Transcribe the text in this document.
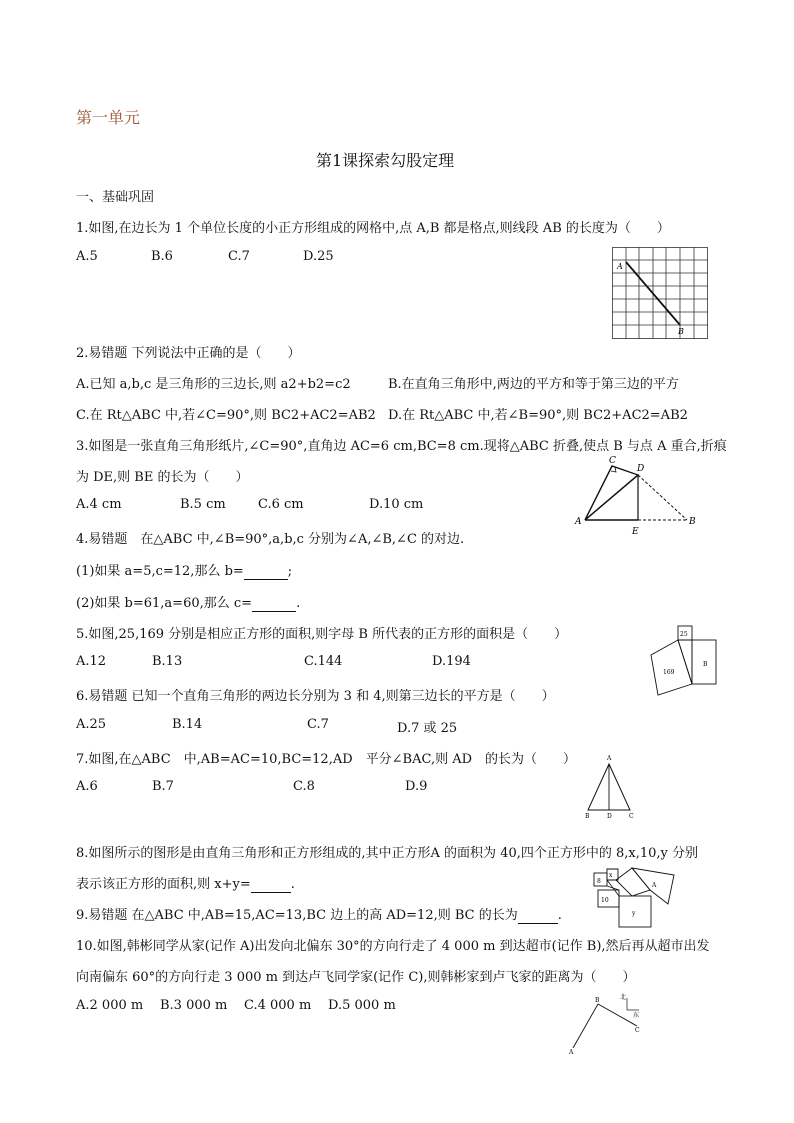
第一单元
第1课探索勾股定理
一、基础巩固
1.如图,在边长为 1 个单位长度的小正方形组成的网格中,点 A,B 都是格点,则线段 AB 的长度为（　　）
A.5	B.6	C.7	D.25
A
B
2.易错题 下列说法中正确的是（　　）
A.已知 a,b,c 是三角形的三边长,则 a2+b2=c2	B.在直角三角形中,两边的平方和等于第三边的平方
C.在 Rt△ABC 中,若∠C=90°,则 BC2+AC2=AB2 D.在 Rt△ABC 中,若∠B=90°,则 BC2+AC2=AB2
3.如图是一张直角三角形纸片,∠C=90°,直角边 AC=6 cm,BC=8 cm.现将△ABC 折叠,使点 B 与点 A 重合,折痕
为 DE,则 BE 的长为（　　）
A.4 cm	B.5 cm C.6 cm	D.10 cm
C
D
A
E
B
4.易错题　在△ABC 中,∠B=90°,a,b,c 分别为∠A,∠B,∠C 的对边.
(1)如果 a=5,c=12,那么 b=	;
(2)如果 b=61,a=60,那么 c=	.
5.如图,25,169 分别是相应正方形的面积,则字母 B 所代表的正方形的面积是（　　）
A.12	B.13	C.144	D.194
25
169
B
6.易错题 已知一个直角三角形的两边长分别为 3 和 4,则第三边长的平方是（　　）
A.25	B.14	C.7	D.7 或 25
7.如图,在△ABC　中,AB=AC=10,BC=12,AD　平分∠BAC,则 AD　的长为（　　）
A.6	B.7	C.8	D.9
A
B	D	C
8.如图所示的图形是由直角三角形和正方形组成的,其中正方形A 的面积为 40,四个正方形中的 8,x,10,y 分别
表示该正方形的面积,则 x+y=	.	8
x
A
10
y
9.易错题 在△ABC 中,AB=15,AC=13,BC 边上的高 AD=12,则 BC 的长为	.
10.如图,韩彬同学从家(记作 A)出发向北偏东 30°的方向行走了 4 000 m 到达超市(记作 B),然后再从超市出发
向南偏东 60°的方向行走 3 000 m 到达卢飞同学家(记作 C),则韩彬家到卢飞家的距离为（　　）
A.2 000 m B.3 000 m C.4 000 m D.5 000 m	B	北
东
C
A
